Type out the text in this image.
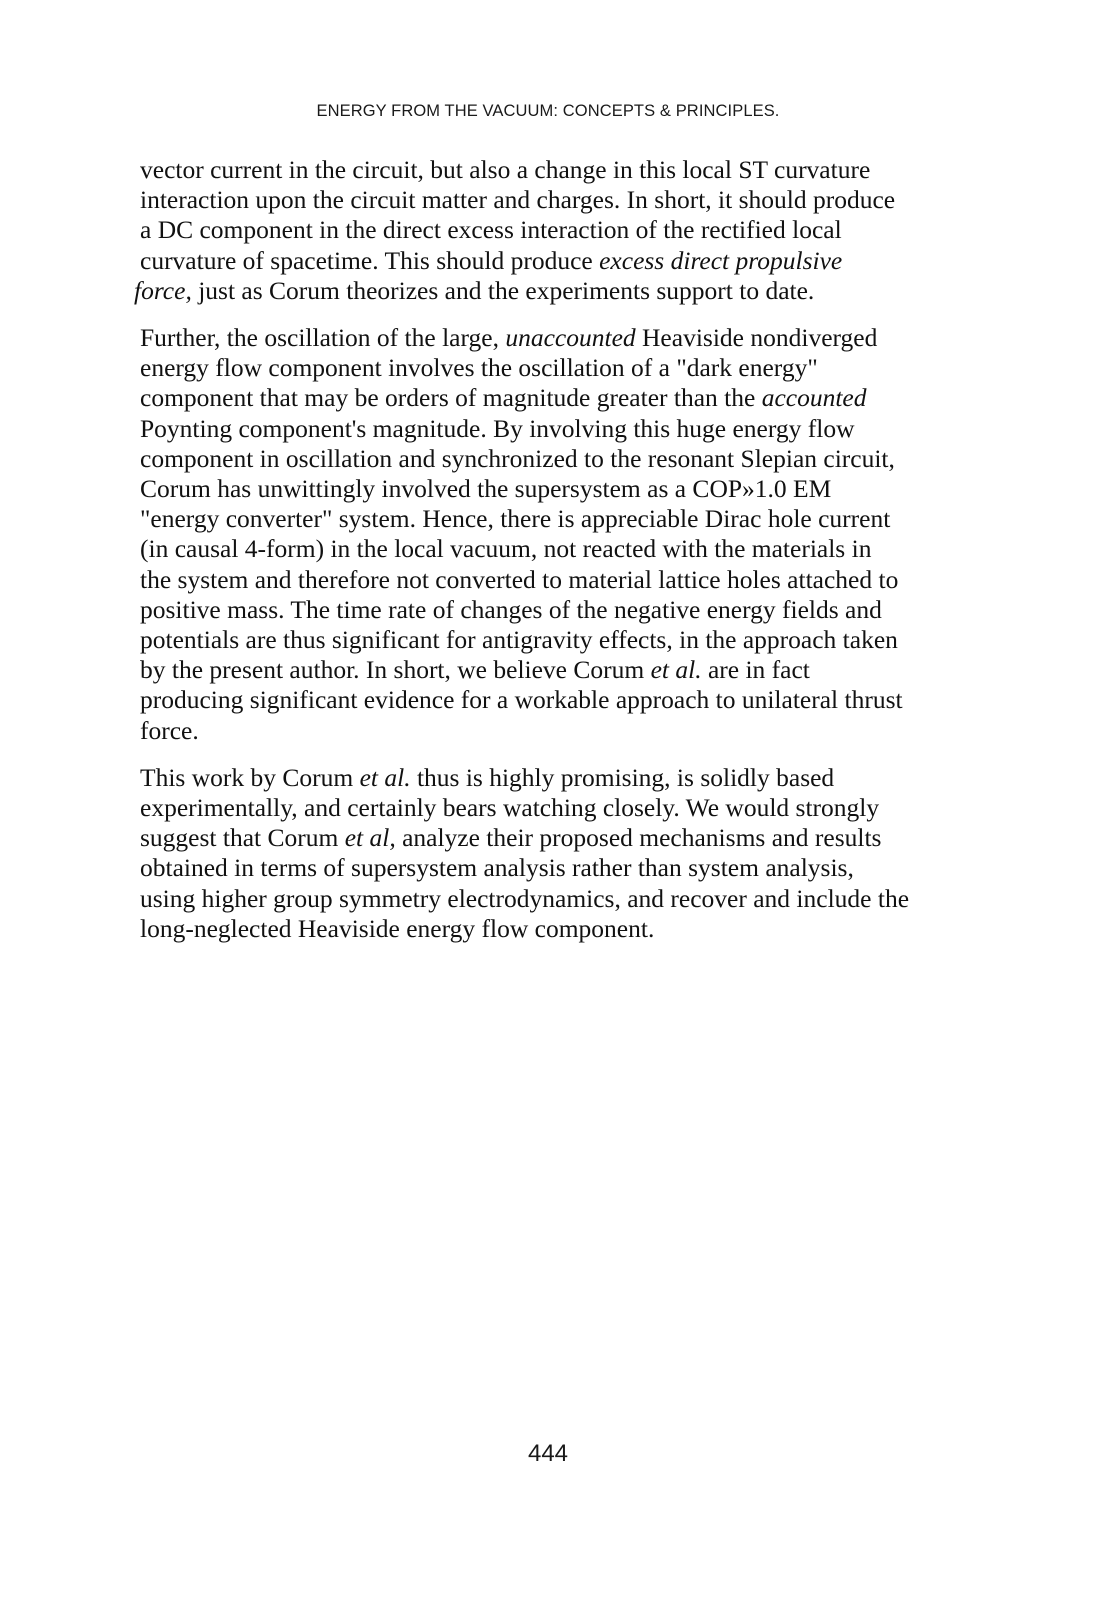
ENERGY FROM THE VACUUM: CONCEPTS & PRINCIPLES.

vector current in the circuit, but also a change in this local ST curvature
interaction upon the circuit matter and charges. In short, it should produce
a DC component in the direct excess interaction of the rectified local
curvature of spacetime. This should produce excess direct propulsive
force, just as Corum theorizes and the experiments support to date.

Further, the oscillation of the large, unaccounted Heaviside nondiverged
energy flow component involves the oscillation of a "dark energy"
component that may be orders of magnitude greater than the accounted
Poynting component's magnitude. By involving this huge energy flow
component in oscillation and synchronized to the resonant Slepian circuit,
Corum has unwittingly involved the supersystem as a COP»1.0 EM
"energy converter" system. Hence, there is appreciable Dirac hole current
(in causal 4-form) in the local vacuum, not reacted with the materials in
the system and therefore not converted to material lattice holes attached to
positive mass. The time rate of changes of the negative energy fields and
potentials are thus significant for antigravity effects, in the approach taken
by the present author. In short, we believe Corum et al. are in fact
producing significant evidence for a workable approach to unilateral thrust
force.

This work by Corum et al. thus is highly promising, is solidly based
experimentally, and certainly bears watching closely. We would strongly
suggest that Corum et al, analyze their proposed mechanisms and results
obtained in terms of supersystem analysis rather than system analysis,
using higher group symmetry electrodynamics, and recover and include the
long-neglected Heaviside energy flow component.

444
